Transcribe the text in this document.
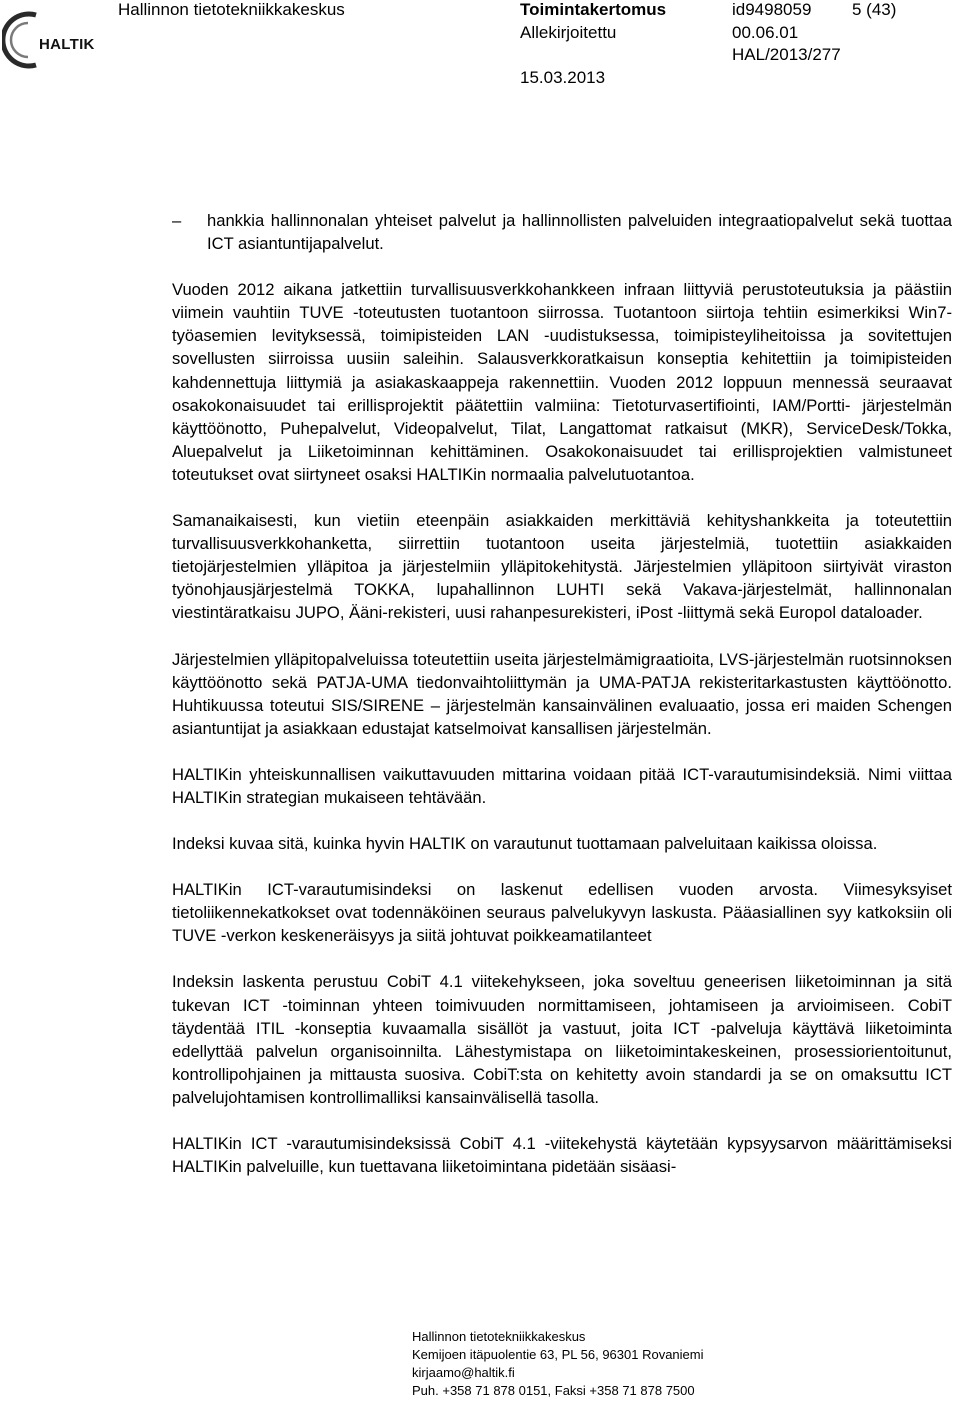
HALTIK
Hallinnon tietotekniikkakeskus	Toimintakertomus	id9498059 5 (43)
Allekirjoitettu	00.06.01
HAL/2013/277
15.03.2013
–	hankkia hallinnonalan yhteiset palvelut ja hallinnollisten palveluiden integraatiopalvelut sekä tuottaa ICT asiantuntijapalvelut.
Vuoden 2012 aikana jatkettiin turvallisuusverkkohankkeen infraan liittyviä perustoteutuksia ja päästiin viimein vauhtiin TUVE -toteutusten tuotantoon siirrossa. Tuotantoon siirtoja tehtiin esimerkiksi Win7-työasemien levityksessä, toimipisteiden LAN -uudistuksessa, toimipisteyliheitoissa ja sovitettujen sovellusten siirroissa uusiin saleihin. Salausverkkoratkaisun konseptia kehitettiin ja toimipisteiden kahdennettuja liittymiä ja asiakaskaappeja rakennettiin. Vuoden 2012 loppuun mennessä seuraavat osakokonaisuudet tai erillisprojektit päätettiin valmiina: Tietoturvasertifiointi, IAM/Portti- järjestelmän käyttöönotto, Puhepalvelut, Videopalvelut, Tilat, Langattomat ratkaisut (MKR), ServiceDesk/Tokka, Aluepalvelut ja Liiketoiminnan kehittäminen. Osakokonaisuudet tai erillisprojektien valmistuneet toteutukset ovat siirtyneet osaksi HALTIKin normaalia palvelutuotantoa.
Samanaikaisesti, kun vietiin eteenpäin asiakkaiden merkittäviä kehityshankkeita ja toteutettiin turvallisuusverkkohanketta, siirrettiin tuotantoon useita järjestelmiä, tuotettiin asiakkaiden tietojärjestelmien ylläpitoa ja järjestelmiin ylläpitokehitystä. Järjestelmien ylläpitoon siirtyivät viraston työnohjausjärjestelmä TOKKA, lupahallinnon LUHTI sekä Vakava-järjestelmät, hallinnonalan viestintäratkaisu JUPO, Ääni-rekisteri, uusi rahanpesurekisteri, iPost -liittymä sekä Europol dataloader.
Järjestelmien ylläpitopalveluissa toteutettiin useita järjestelmämigraatioita, LVS-järjestelmän ruotsinnoksen käyttöönotto sekä PATJA-UMA tiedonvaihtoliittymän ja UMA-PATJA rekisteritarkastusten käyttöönotto. Huhtikuussa toteutui SIS/SIRENE – järjestelmän kansainvälinen evaluaatio, jossa eri maiden Schengen asiantuntijat ja asiakkaan edustajat katselmoivat kansallisen järjestelmän.
HALTIKin yhteiskunnallisen vaikuttavuuden mittarina voidaan pitää ICT-varautumisindeksiä. Nimi viittaa HALTIKin strategian mukaiseen tehtävään.
Indeksi kuvaa sitä, kuinka hyvin HALTIK on varautunut tuottamaan palveluitaan kaikissa oloissa.
HALTIKin ICT-varautumisindeksi on laskenut edellisen vuoden arvosta. Viimesyksyiset tietoliikennekatkokset ovat todennäköinen seuraus palvelukyvyn laskusta. Pääasiallinen syy katkoksiin oli TUVE -verkon keskeneräisyys ja siitä johtuvat poikkeamatilanteet
Indeksin laskenta perustuu CobiT 4.1 viitekehykseen, joka soveltuu geneerisen liiketoiminnan ja sitä tukevan ICT -toiminnan yhteen toimivuuden normittamiseen, johtamiseen ja arvioimiseen. CobiT täydentää ITIL -konseptia kuvaamalla sisällöt ja vastuut, joita ICT -palveluja käyttävä liiketoiminta edellyttää palvelun organisoinnilta. Lähestymistapa on liiketoimintakeskeinen, prosessiorientoitunut, kontrollipohjainen ja mittausta suosiva. CobiT:sta on kehitetty avoin standardi ja se on omaksuttu ICT palvelujohtamisen kontrollimalliksi kansainvälisellä tasolla.
HALTIKin ICT -varautumisindeksissä CobiT 4.1 -viitekehystä käytetään kypsyysarvon määrittämiseksi HALTIKin palveluille, kun tuettavana liiketoimintana pidetään sisäasi-
Hallinnon tietotekniikkakeskus
Kemijoen itäpuolentie 63, PL 56, 96301 Rovaniemi
kirjaamo@haltik.fi
Puh. +358 71 878 0151, Faksi +358 71 878 7500
